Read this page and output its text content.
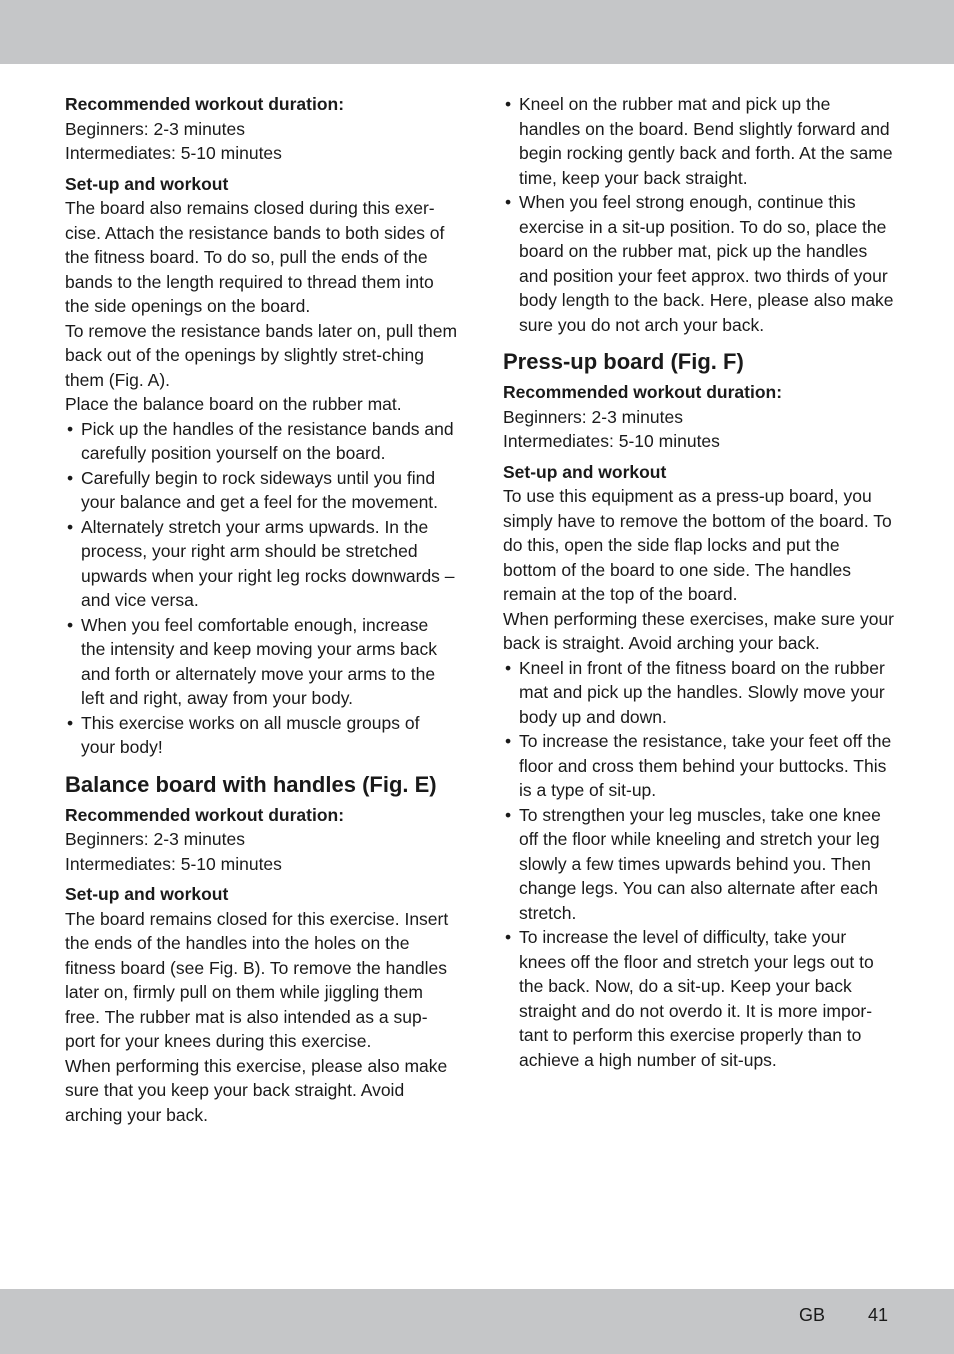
Recommended workout duration:

Beginners: 2-3 minutes

Intermediates: 5-10 minutes

Set-up and workout

The board also remains closed during this exer-cise. Attach the resistance bands to both sides of the fitness board. To do so, pull the ends of the bands to the length required to thread them into the side openings on the board.

To remove the resistance bands later on, pull them back out of the openings by slightly stret-ching them (Fig. A).

Place the balance board on the rubber mat.

• Pick up the handles of the resistance bands and carefully position yourself on the board.
• Carefully begin to rock sideways until you find your balance and get a feel for the movement.
• Alternately stretch your arms upwards. In the process, your right arm should be stretched upwards when your right leg rocks downwards – and vice versa.
• When you feel comfortable enough, increase the intensity and keep moving your arms back and forth or alternately move your arms to the left and right, away from your body.
• This exercise works on all muscle groups of your body!
Balance board with handles (Fig. E)

Recommended workout duration:

Beginners: 2-3 minutes

Intermediates: 5-10 minutes

Set-up and workout

The board remains closed for this exercise. Insert the ends of the handles into the holes on the fitness board (see Fig. B). To remove the handles later on, firmly pull on them while jiggling them free. The rubber mat is also intended as a sup-port for your knees during this exercise.

When performing this exercise, please also make sure that you keep your back straight. Avoid arching your back.

• Kneel on the rubber mat and pick up the handles on the board. Bend slightly forward and begin rocking gently back and forth. At the same time, keep your back straight.
• When you feel strong enough, continue this exercise in a sit-up position. To do so, place the board on the rubber mat, pick up the handles and position your feet approx. two thirds of your body length to the back. Here, please also make sure you do not arch your back.
Press-up board (Fig. F)

Recommended workout duration:

Beginners: 2-3 minutes

Intermediates: 5-10 minutes

Set-up and workout

To use this equipment as a press-up board, you simply have to remove the bottom of the board. To do this, open the side flap locks and put the bottom of the board to one side. The handles remain at the top of the board.

When performing these exercises, make sure your back is straight. Avoid arching your back.

• Kneel in front of the fitness board on the rubber mat and pick up the handles. Slowly move your body up and down.
• To increase the resistance, take your feet off the floor and cross them behind your buttocks. This is a type of sit-up.
• To strengthen your leg muscles, take one knee off the floor while kneeling and stretch your leg slowly a few times upwards behind you. Then change legs. You can also alternate after each stretch.
• To increase the level of difficulty, take your knees off the floor and stretch your legs out to the back. Now, do a sit-up. Keep your back straight and do not overdo it. It is more impor-tant to perform this exercise properly than to achieve a high number of sit-ups.
GB 41
